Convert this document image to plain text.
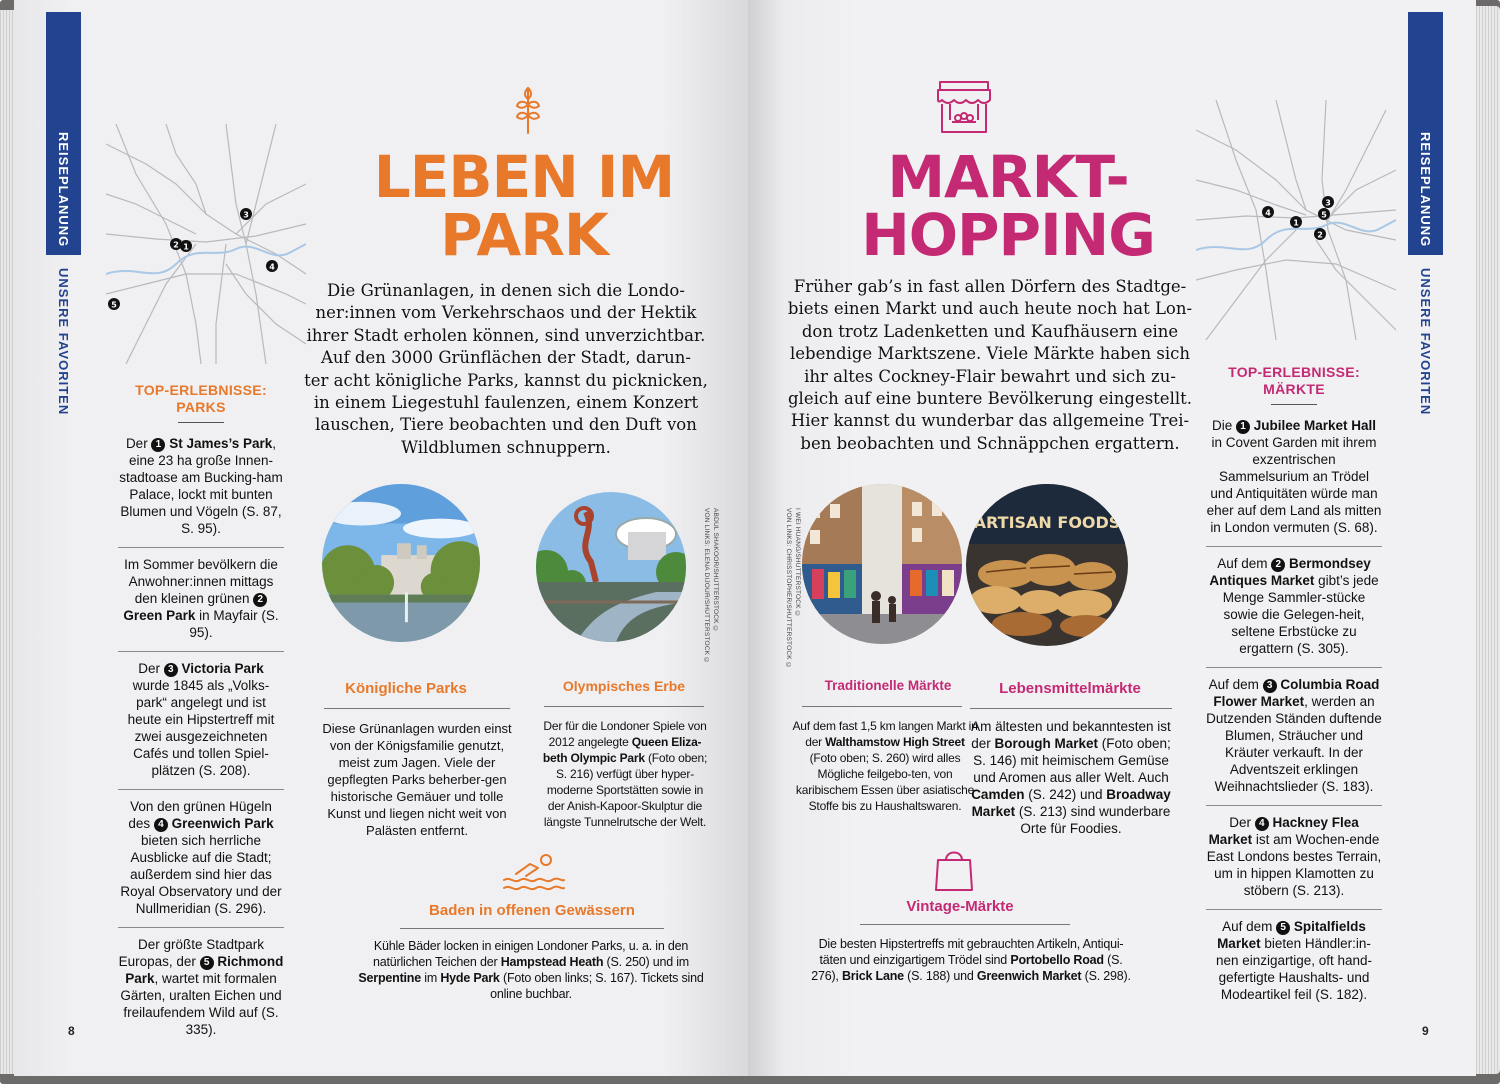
REISEPLANUNG
UNSERE FAVORITEN
1
2
3
4
5
TOP-ERLEBNISSE:
PARKS
Der 1 St James’s Park, eine 23 ha große Innen-stadtoase am Bucking-ham Palace, lockt mit bunten Blumen und Vögeln (S. 87, S. 95).
Im Sommer bevölkern die Anwohner:innen mittags den kleinen grünen 2 Green Park in Mayfair (S. 95).
Der 3 Victoria Park wurde 1845 als „Volks-park“ angelegt und ist heute ein Hipstertreff mit zwei ausgezeichneten Cafés und tollen Spiel-plätzen (S. 208).
Von den grünen Hügeln des 4 Greenwich Park bieten sich herrliche Ausblicke auf die Stadt; außerdem sind hier das Royal Observatory und der Nullmeridian (S. 296).
Der größte Stadtpark Europas, der 5 Richmond Park, wartet mit formalen Gärten, uralten Eichen und freilaufendem Wild auf (S. 335).
LEBEN IM
PARK
Die Grünanlagen, in denen sich die Londo-
ner:innen vom Verkehrschaos und der Hektik
ihrer Stadt erholen können, sind unverzichtbar.
Auf den 3000 Grünflächen der Stadt, darun-
ter acht königliche Parks, kannst du picknicken,
in einem Liegestuhl faulenzen, einem Konzert
lauschen, Tiere beobachten und den Duft von
Wildblumen schnuppern.
VON LINKS: ELENA DIJOUR/SHUTTERSTOCK © ABDUL SHAKOOR/SHUTTERSTOCK ©
Königliche Parks
Diese Grünanlagen wurden einst von der Königsfamilie genutzt, meist zum Jagen. Viele der gepflegten Parks beherber-gen historische Gemäuer und tolle Kunst und liegen nicht weit von Palästen entfernt.
Olympisches Erbe
Der für die Londoner Spiele von 2012 angelegte Queen Eliza-beth Olympic Park (Foto oben; S. 216) verfügt über hyper-moderne Sportstätten sowie in der Anish-Kapoor-Skulptur die längste Tunnelrutsche der Welt.
Baden in offenen Gewässern
Kühle Bäder locken in einigen Londoner Parks, u. a. in den natürlichen Teichen der Hampstead Heath (S. 250) und im Serpentine im Hyde Park (Foto oben links; S. 167). Tickets sind online buchbar.
8
MARKT-
HOPPING
Früher gab’s in fast allen Dörfern des Stadtge-
biets einen Markt und auch heute noch hat Lon-
don trotz Ladenketten und Kaufhäusern eine
lebendige Marktszene. Viele Märkte haben sich
ihr altes Cockney-Flair bewahrt und sich zu-
gleich auf eine buntere Bevölkerung eingestellt.
Hier kannst du wunderbar das allgemeine Trei-
ben beobachten und Schnäppchen ergattern.
VON LINKS: CHRISSTOPHER/SHUTTERSTOCK © I WEI HUANG/SHUTTERSTOCK ©	ARTISAN FOODS
Traditionelle Märkte
Auf dem fast 1,5 km langen Markt in der Walthamstow High Street (Foto oben; S. 260) wird alles Mögliche feilgebo-ten, von karibischem Essen über asiatische Stoffe bis zu Haushaltswaren.
Lebensmittelmärkte
Am ältesten und bekanntesten ist der Borough Market (Foto oben; S. 146) mit heimischem Gemüse und Aromen aus aller Welt. Auch Camden (S. 242) und Broadway Market (S. 213) sind wunderbare Orte für Foodies.
Vintage-Märkte
Die besten Hipstertreffs mit gebrauchten Artikeln, Antiqui-täten und einzigartigem Trödel sind Portobello Road (S. 276), Brick Lane (S. 188) und Greenwich Market (S. 298).
1
2
3
4	5
TOP-ERLEBNISSE:
MÄRKTE
Die 1 Jubilee Market Hall in Covent Garden mit ihrem exzentrischen Sammelsurium an Trödel und Antiquitäten würde man eher auf dem Land als mitten in London vermuten (S. 68).
Auf dem 2 Bermondsey Antiques Market gibt’s jede Menge Sammler-stücke sowie die Gelegen-heit, seltene Erbstücke zu ergattern (S. 305).
Auf dem 3 Columbia Road Flower Market, werden an Dutzenden Ständen duftende Blumen, Sträucher und Kräuter verkauft. In der Adventszeit erklingen Weihnachtslieder (S. 183).
Der 4 Hackney Flea Market ist am Wochen-ende East Londons bestes Terrain, um in hippen Klamotten zu stöbern (S. 213).
Auf dem 5 Spitalfields Market bieten Händler:in-nen einzigartige, oft hand-gefertigte Haushalts- und Modeartikel feil (S. 182).
REISEPLANUNG
UNSERE FAVORITEN
9
